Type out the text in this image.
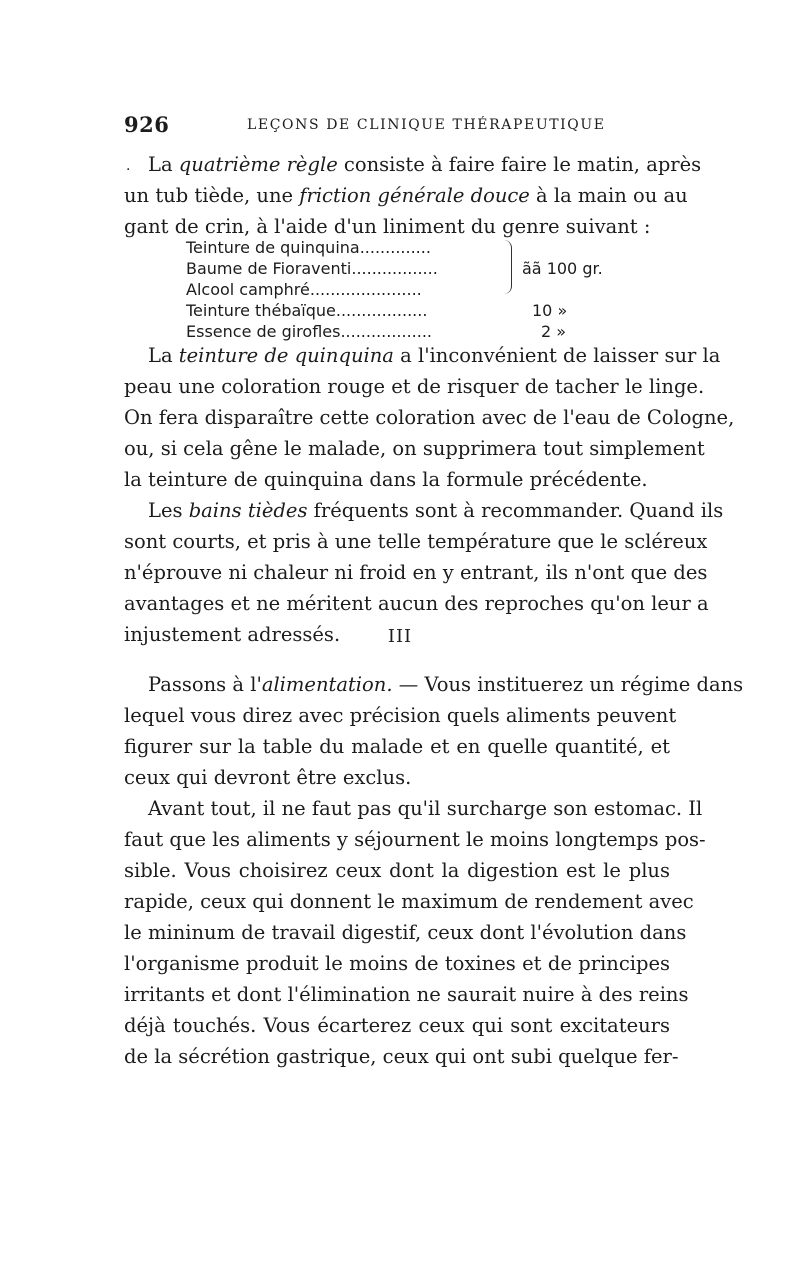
926	LEÇONS DE CLINIQUE THÉRAPEUTIQUE
· La quatrième règle consiste à faire faire le matin, après
un tub tiède, une friction générale douce à la main ou au
gant de crin, à l'aide d'un liniment du genre suivant :
Teinture de quinquina..............
Baume de Fioraventi.................
Alcool camphré......................
Teinture thébaïque..................
Essence de girofles..................
ãã 100 gr.
10 »
2 »
La teinture de quinquina a l'inconvénient de laisser sur la
peau une coloration rouge et de risquer de tacher le linge.
On fera disparaître cette coloration avec de l'eau de Cologne,
ou, si cela gêne le malade, on supprimera tout simplement
la teinture de quinquina dans la formule précédente.
Les bains tièdes fréquents sont à recommander. Quand ils
sont courts, et pris à une telle température que le scléreux
n'éprouve ni chaleur ni froid en y entrant, ils n'ont que des
avantages et ne méritent aucun des reproches qu'on leur a
injustement adressés.	III
Passons à l'alimentation. — Vous instituerez un régime dans
lequel vous direz avec précision quels aliments peuvent
figurer sur la table du malade et en quelle quantité, et
ceux qui devront être exclus.
Avant tout, il ne faut pas qu'il surcharge son estomac. Il
faut que les aliments y séjournent le moins longtemps pos-
sible. Vous choisirez ceux dont la digestion est le plus
rapide, ceux qui donnent le maximum de rendement avec
le mininum de travail digestif, ceux dont l'évolution dans
l'organisme produit le moins de toxines et de principes
irritants et dont l'élimination ne saurait nuire à des reins
déjà touchés. Vous écarterez ceux qui sont excitateurs
de la sécrétion gastrique, ceux qui ont subi quelque fer-
